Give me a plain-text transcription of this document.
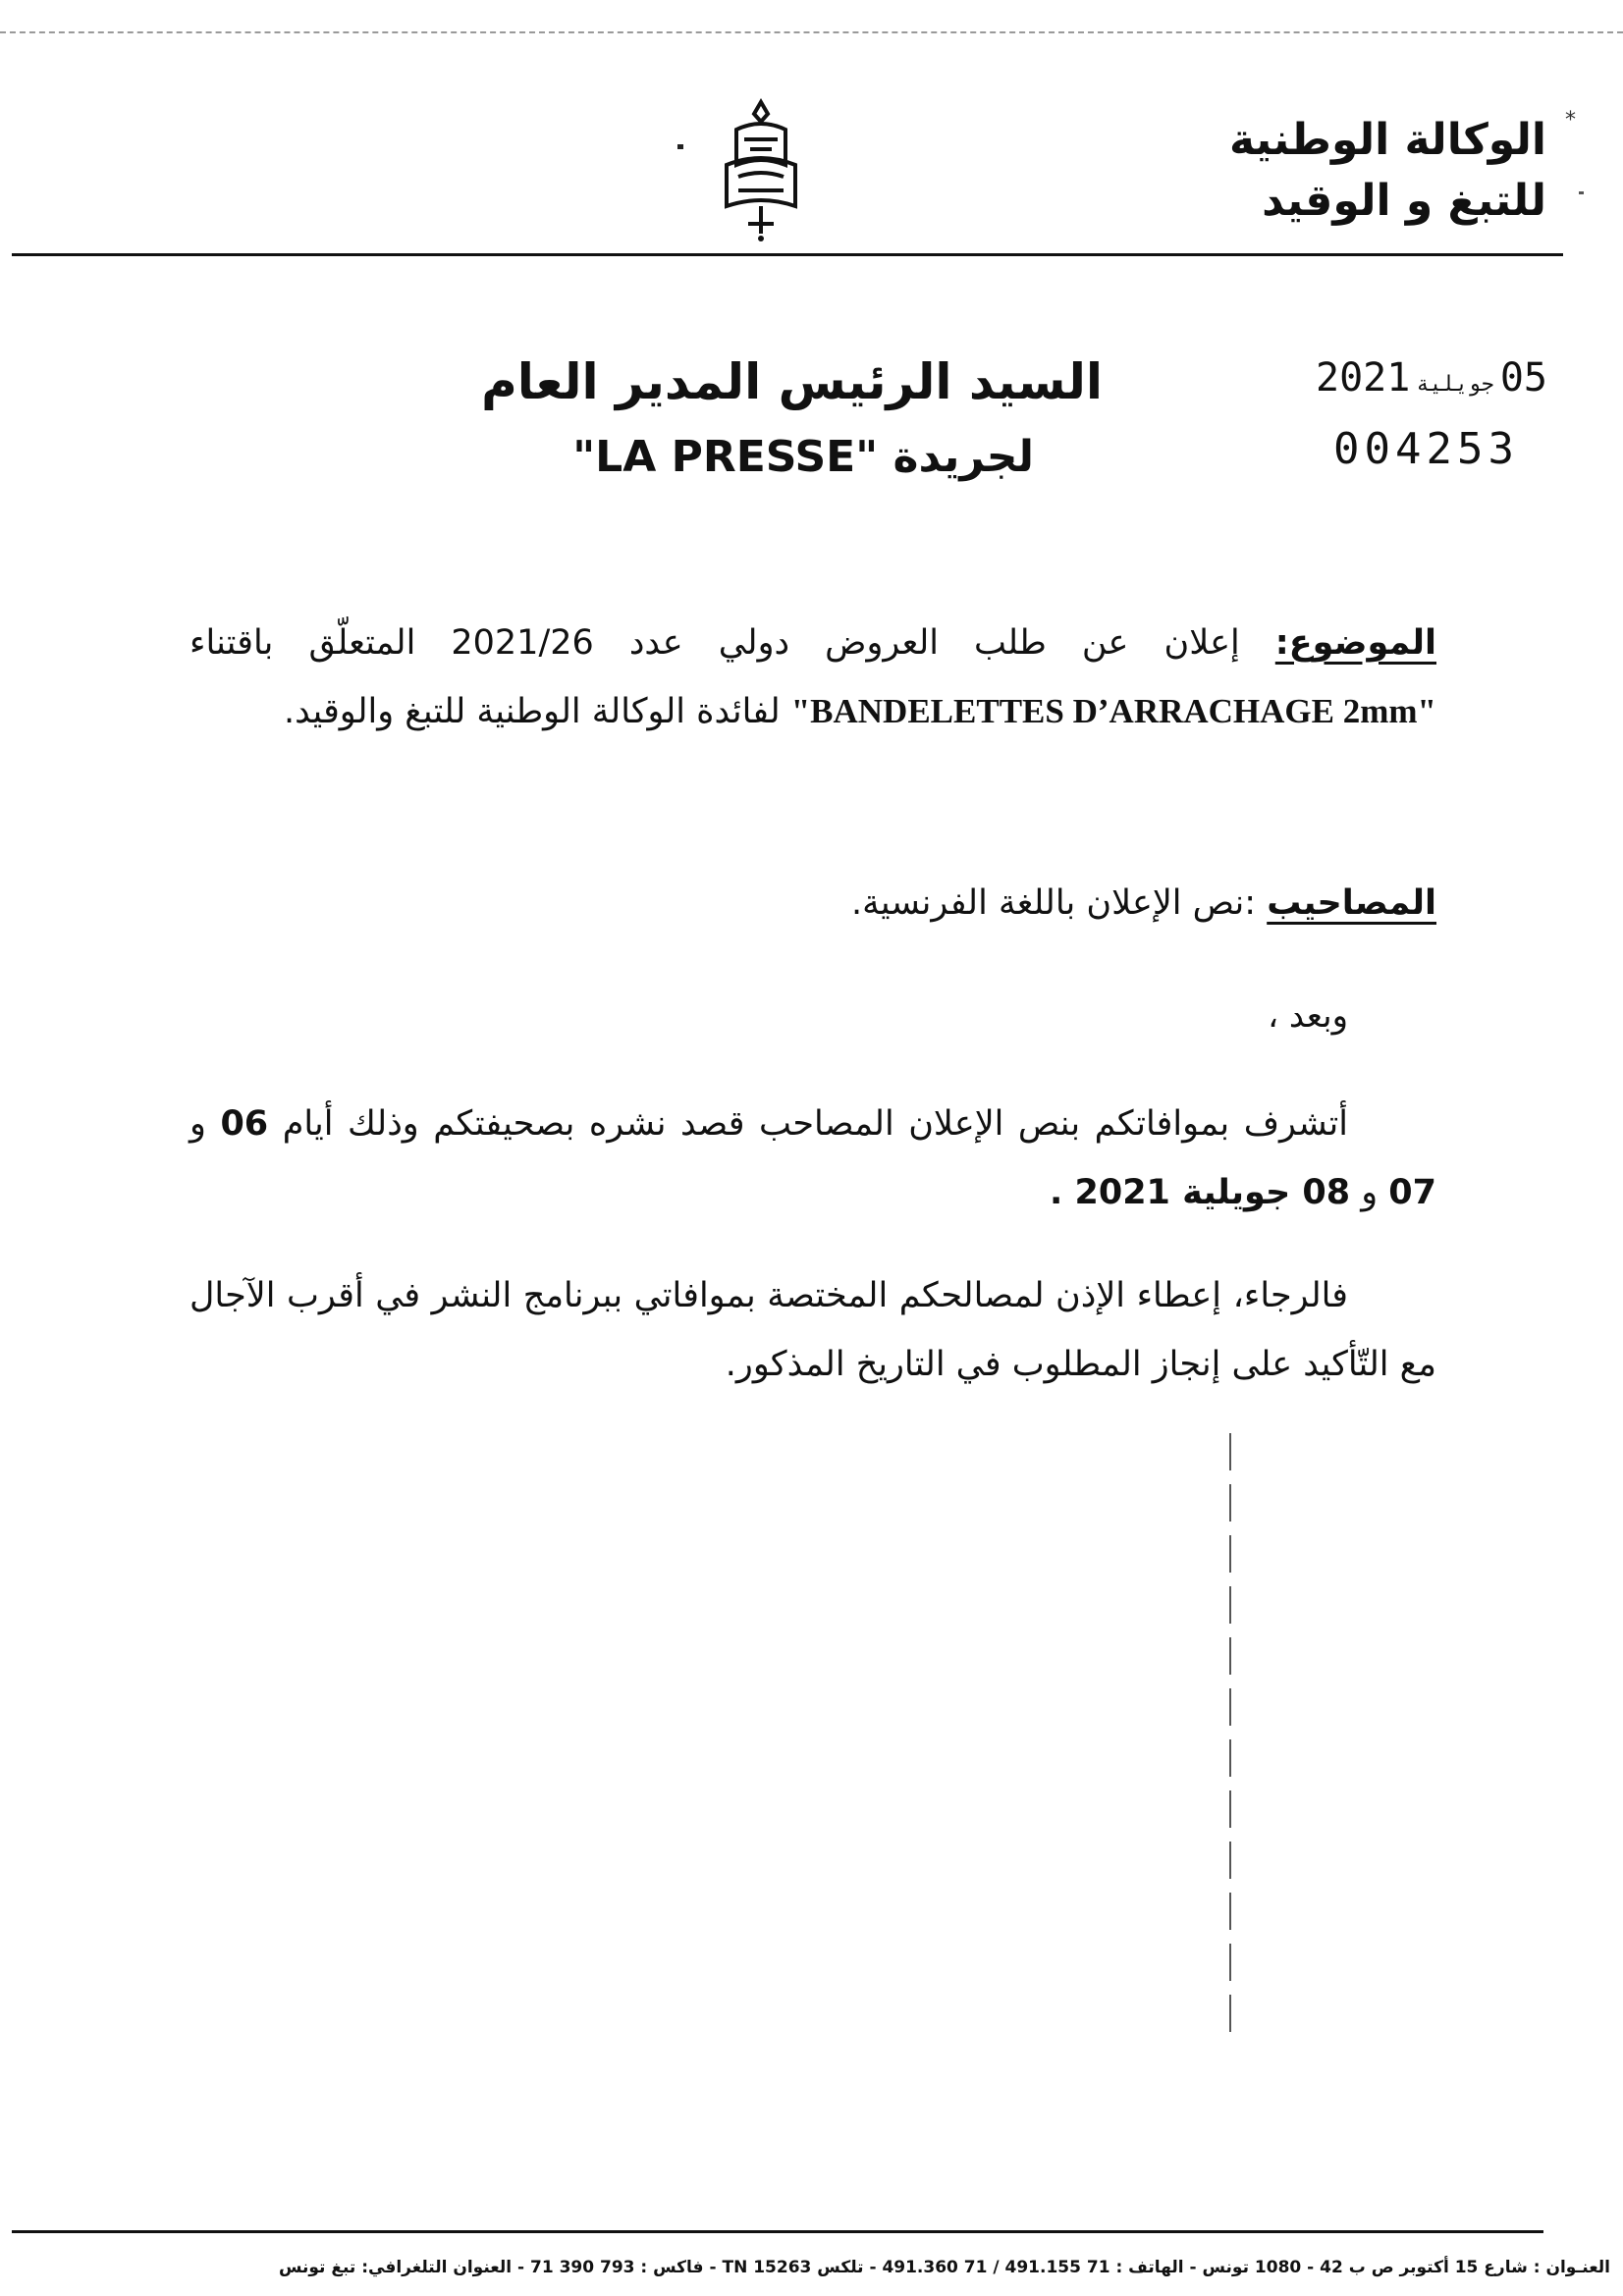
الوكالة الوطنية
للتبغ و الوقيد
*
السيد الرئيس المدير العام
لجريدة "LA PRESSE"
2021 جويلية 05
004253
الموضوع: إعلان عن طلب العروض دولي عدد 2021/26 المتعلّق باقتناء "BANDELETTES D’ARRACHAGE 2mm" لفائدة الوكالة الوطنية للتبغ والوقيد.
المصاحيب :نص الإعلان باللغة الفرنسية.
وبعد ،
أتشرف بموافاتكم بنص الإعلان المصاحب قصد نشره بصحيفتكم وذلك أيام 06 و 07 و 08 جويلية 2021 .
فالرجاء، إعطاء الإذن لمصالحكم المختصة بموافاتي ببرنامج النشر في أقرب الآجال مع التّأكيد على إنجاز المطلوب في التاريخ المذكور.
العنـوان : شارع 15 أكتوبر ص ب 42 - 1080 تونس - الهاتف : 71 491.155 / 71 491.360 - تلكس 15263 TN - فاكس : 793 390 71 - العنوان التلغرافي: تبغ تونس
